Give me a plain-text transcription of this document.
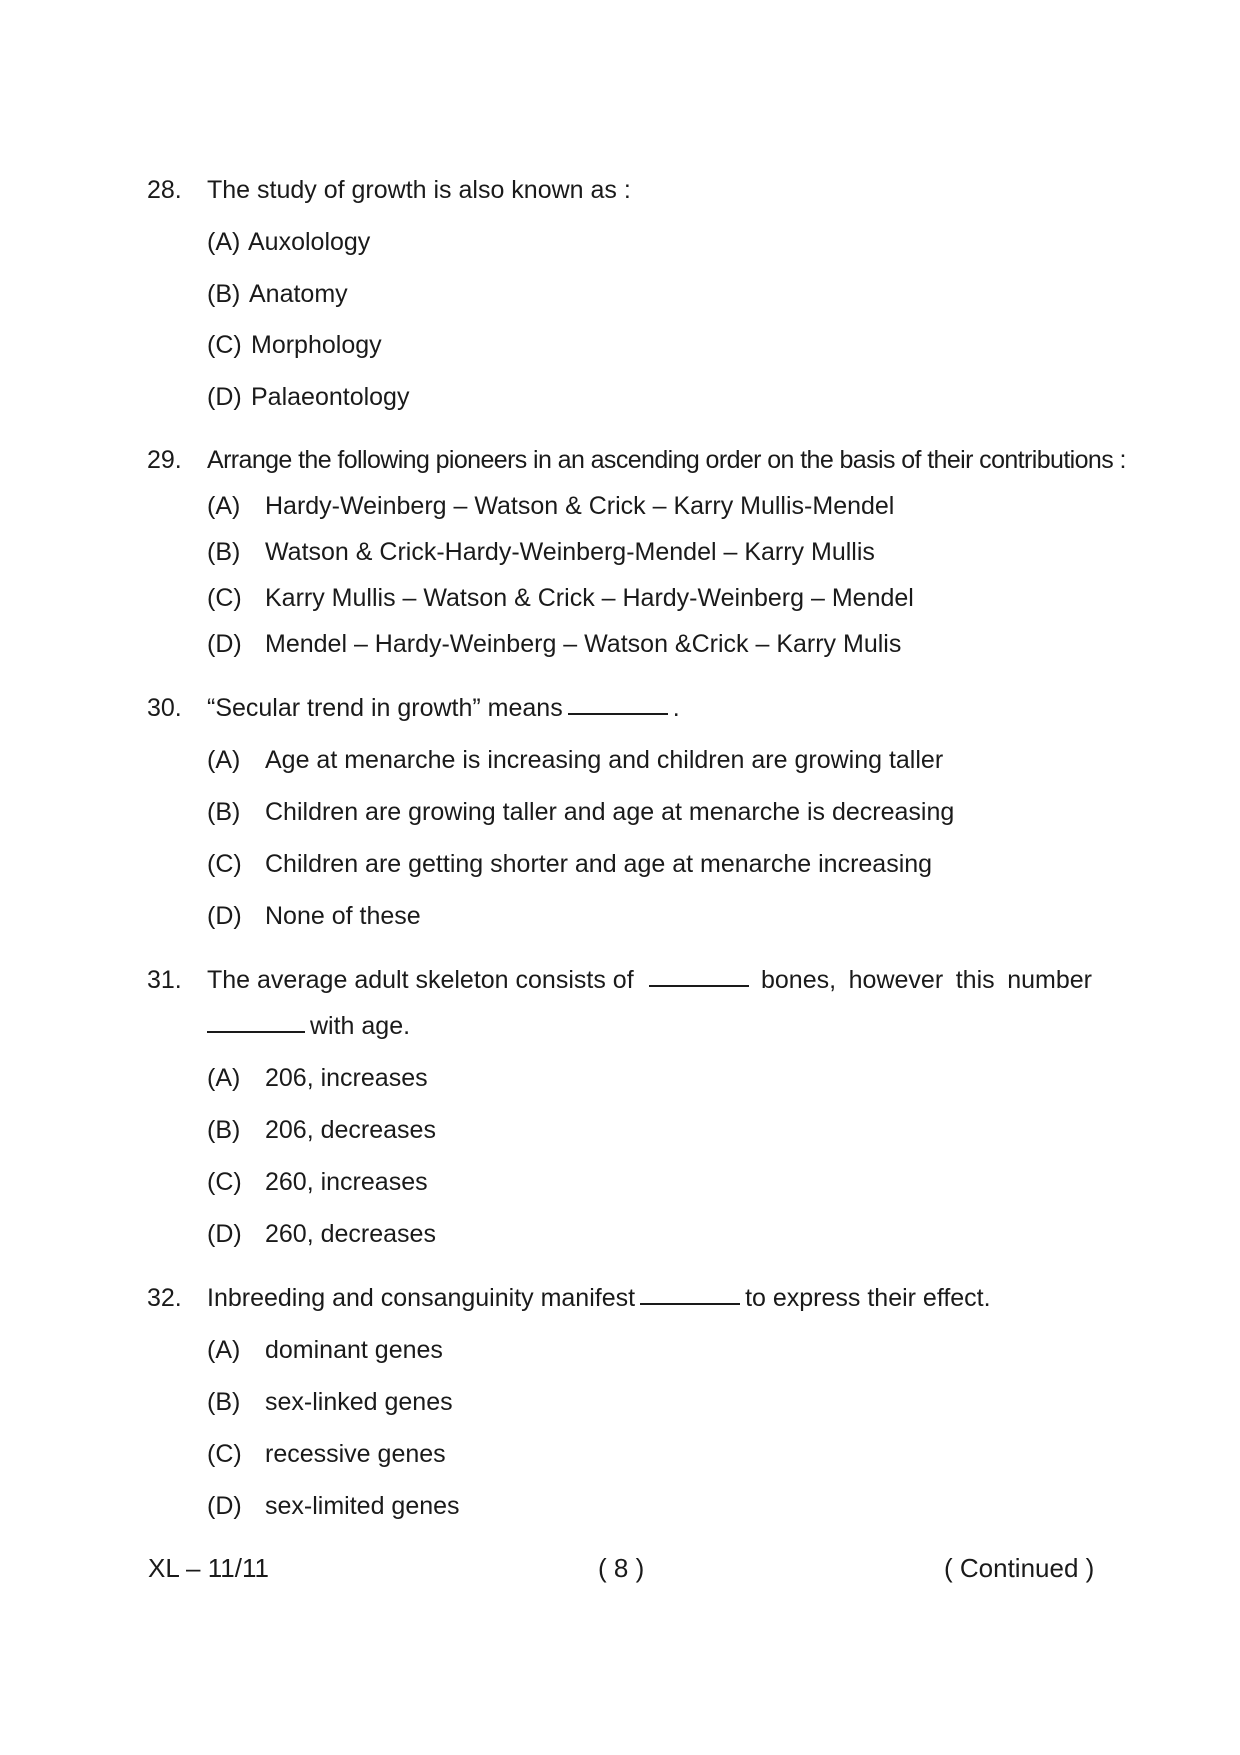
28. The study of growth is also known as :
(A) Auxolology
(B) Anatomy
(C) Morphology
(D) Palaeontology
29. Arrange the following pioneers in an ascending order on the basis of their contributions :
(A) Hardy-Weinberg – Watson & Crick – Karry Mullis-Mendel
(B) Watson & Crick-Hardy-Weinberg-Mendel – Karry Mullis
(C) Karry Mullis – Watson & Crick – Hardy-Weinberg – Mendel
(D) Mendel – Hardy-Weinberg – Watson &Crick – Karry Mulis
30. “Secular trend in growth” means	.
(A) Age at menarche is increasing and children are growing taller
(B) Children are growing taller and age at menarche is decreasing
(C) Children are getting shorter and age at menarche increasing
(D) None of these
31. The average adult skeleton consists of	bones, however this number
with age.
(A) 206, increases
(B) 206, decreases
(C) 260, increases
(D) 260, decreases
32. Inbreeding and consanguinity manifest	to express their effect.
(A) dominant genes
(B) sex-linked genes
(C) recessive genes
(D) sex-limited genes
XL – 11/11	( 8 )	( Continued )
